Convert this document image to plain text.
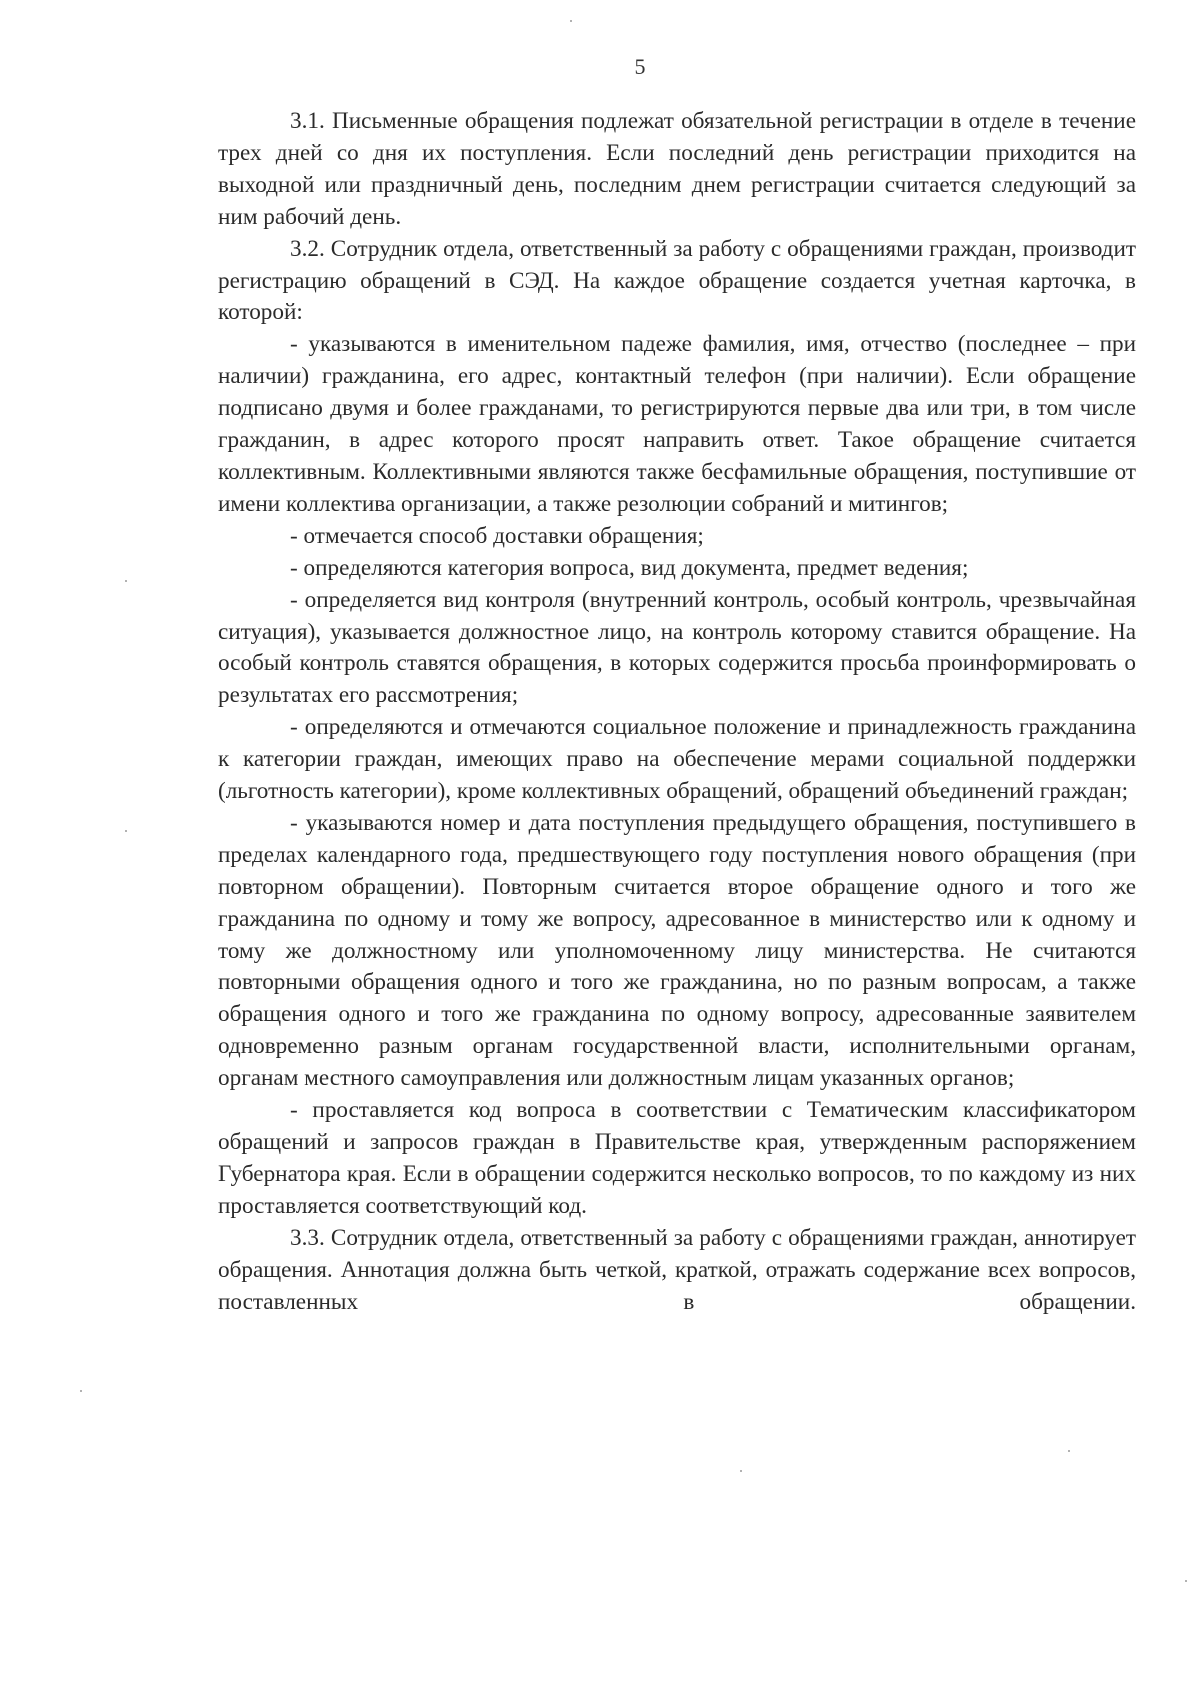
5

3.1. Письменные обращения подлежат обязательной регистрации в отделе в течение трех дней со дня их поступления. Если последний день регистрации приходится на выходной или праздничный день, последним днем регистрации считается следующий за ним рабочий день.

3.2. Сотрудник отдела, ответственный за работу с обращениями граждан, производит регистрацию обращений в СЭД. На каждое обращение создается учетная карточка, в которой:

- указываются в именительном падеже фамилия, имя, отчество (последнее – при наличии) гражданина, его адрес, контактный телефон (при наличии). Если обращение подписано двумя и более гражданами, то регистрируются первые два или три, в том числе гражданин, в адрес которого просят направить ответ. Такое обращение считается коллективным. Коллективными являются также бесфамильные обращения, поступившие от имени коллектива организации, а также резолюции собраний и митингов;

- отмечается способ доставки обращения;

- определяются категория вопроса, вид документа, предмет ведения;

- определяется вид контроля (внутренний контроль, особый контроль, чрезвычайная ситуация), указывается должностное лицо, на контроль которому ставится обращение. На особый контроль ставятся обращения, в которых содержится просьба проинформировать о результатах его рассмотрения;

- определяются и отмечаются социальное положение и принадлежность гражданина к категории граждан, имеющих право на обеспечение мерами социальной поддержки (льготность категории), кроме коллективных обращений, обращений объединений граждан;

- указываются номер и дата поступления предыдущего обращения, поступившего в пределах календарного года, предшествующего году поступления нового обращения (при повторном обращении). Повторным считается второе обращение одного и того же гражданина по одному и тому же вопросу, адресованное в министерство или к одному и тому же должностному или уполномоченному лицу министерства. Не считаются повторными обращения одного и того же гражданина, но по разным вопросам, а также обращения одного и того же гражданина по одному вопросу, адресованные заявителем одновременно разным органам государственной власти, исполнительными органам, органам местного самоуправления или должностным лицам указанных органов;

- проставляется код вопроса в соответствии с Тематическим классификатором обращений и запросов граждан в Правительстве края, утвержденным распоряжением Губернатора края. Если в обращении содержится несколько вопросов, то по каждому из них проставляется соответствующий код.

3.3. Сотрудник отдела, ответственный за работу с обращениями граждан, аннотирует обращения. Аннотация должна быть четкой, краткой, отражать содержание всех вопросов, поставленных в обращении.
